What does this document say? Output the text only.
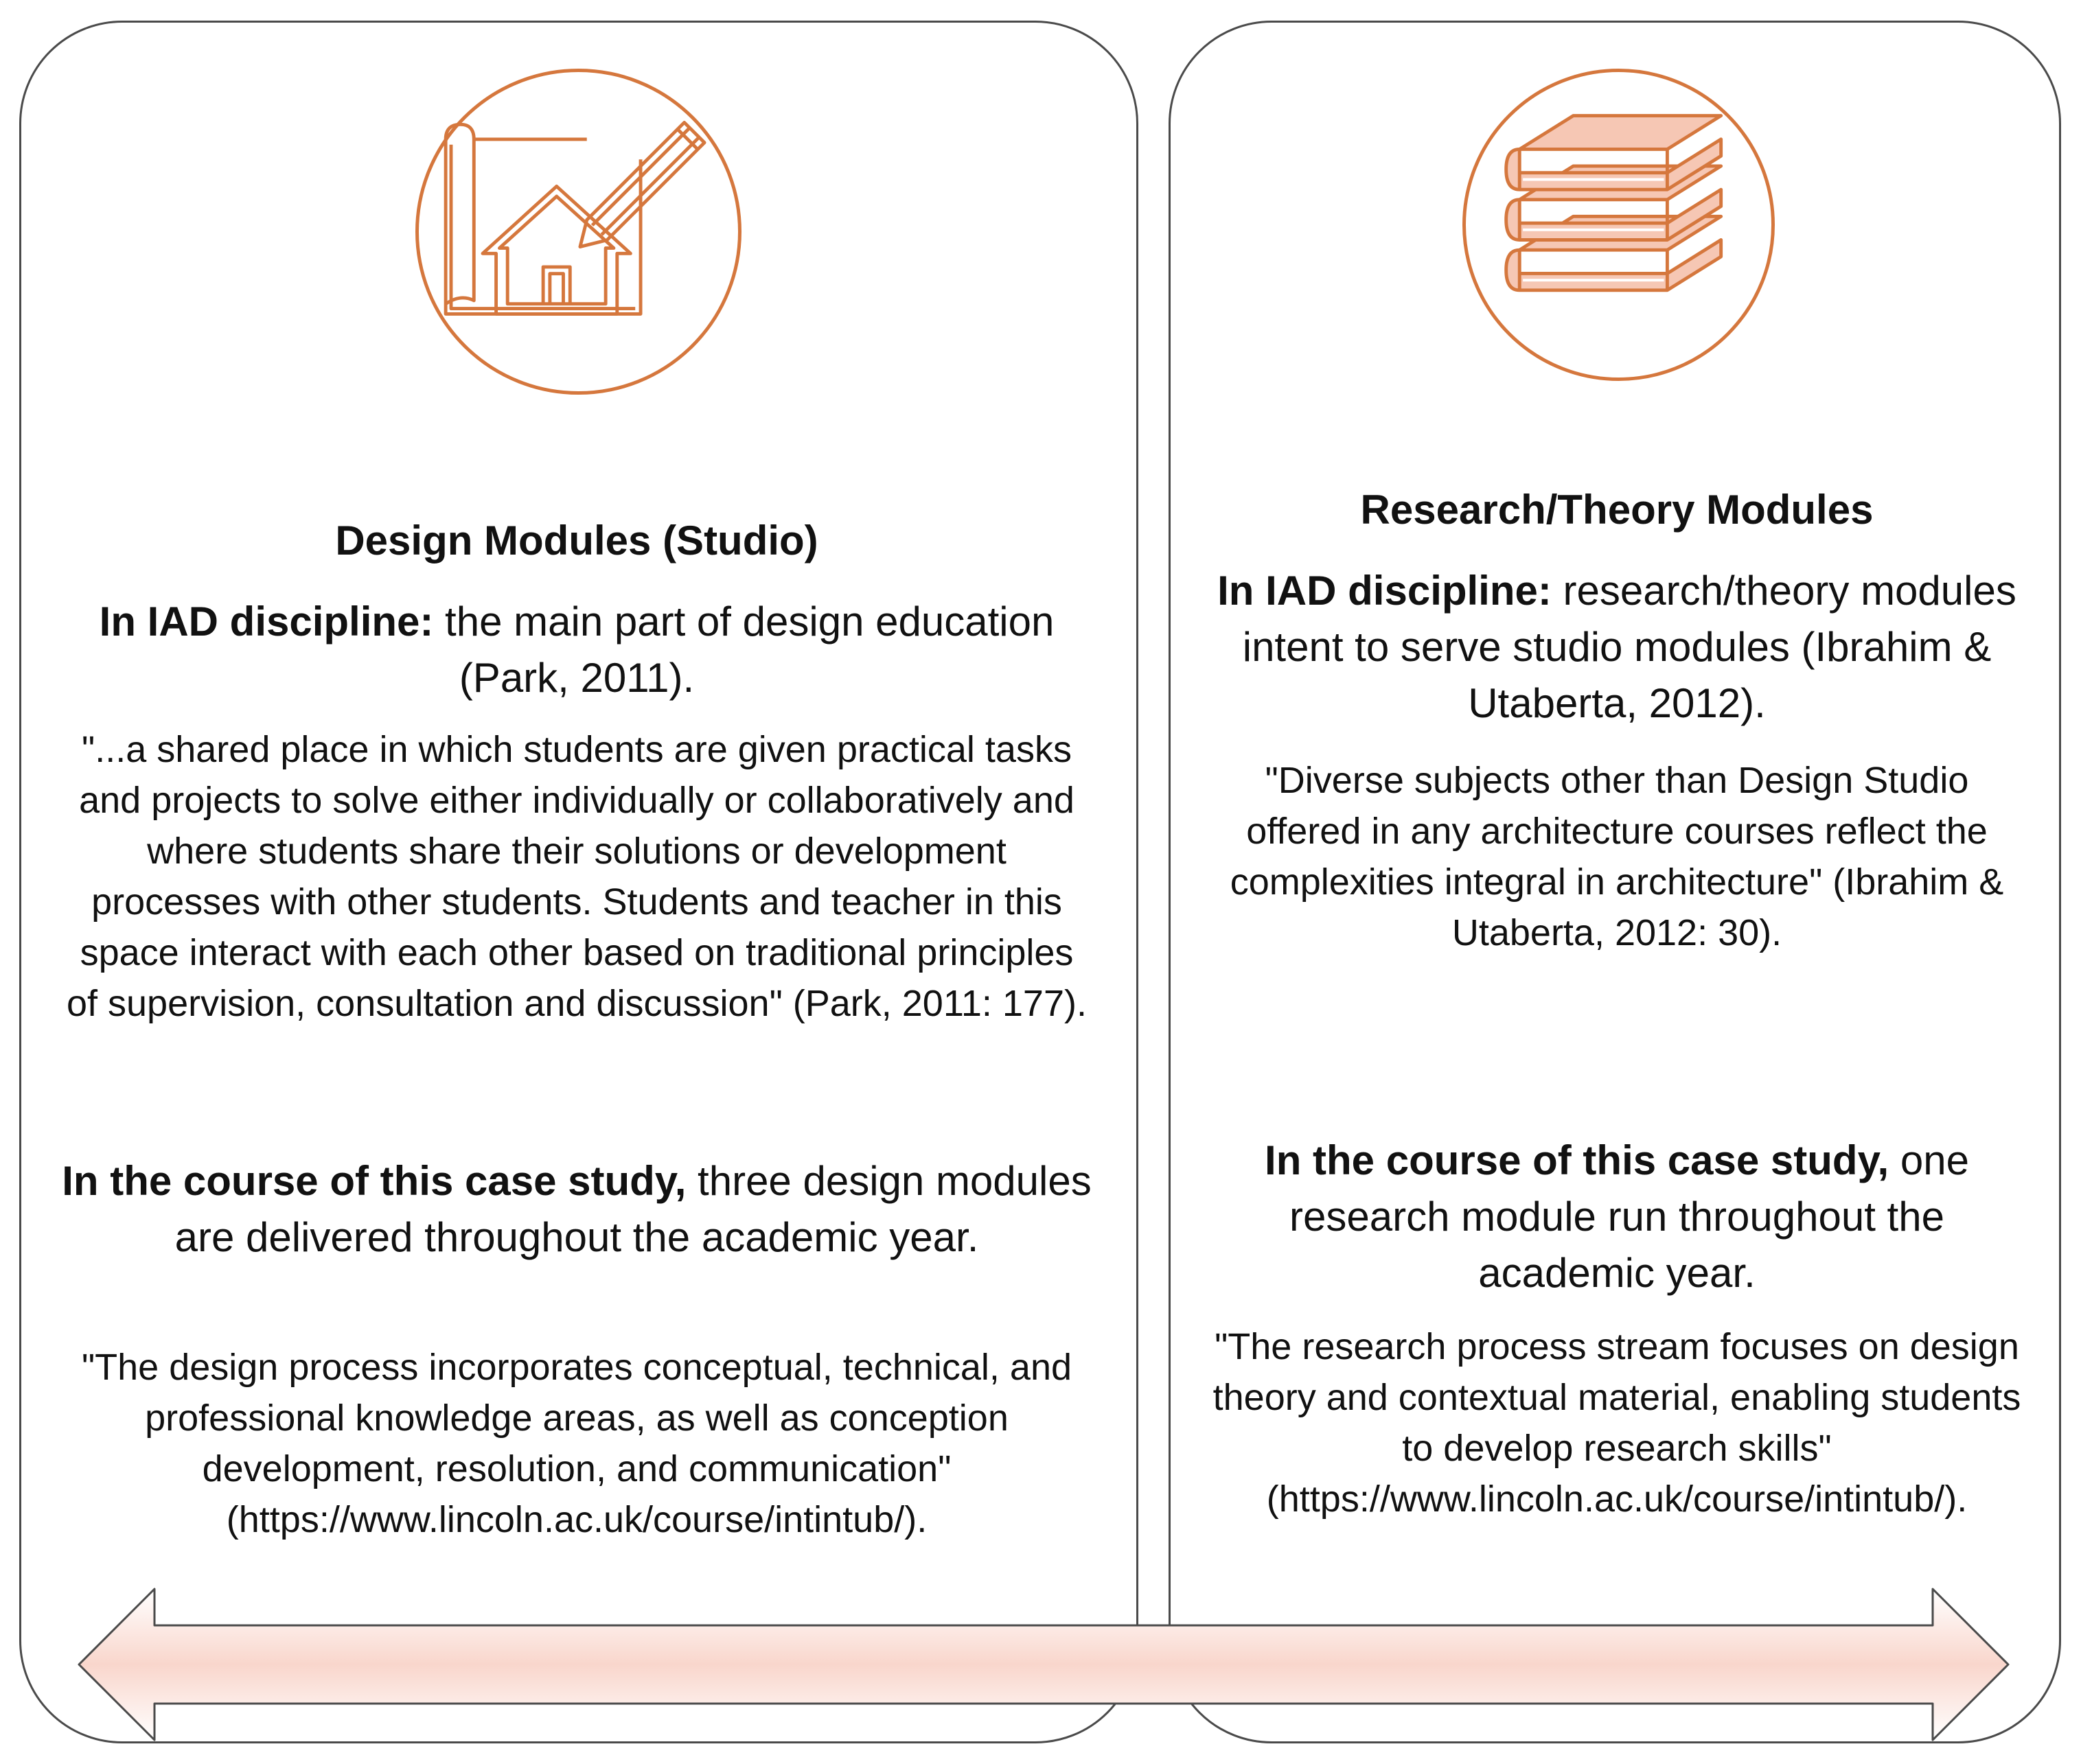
Design Modules (Studio)
In IAD discipline: the main part of design education (Park, 2011).
"...a shared place in which students are given practical tasks and projects to solve either individually or collaboratively and where students share their solutions or development processes with other students. Students and teacher in this space interact with each other based on traditional principles of supervision, consultation and discussion" (Park, 2011: 177).
In the course of this case study, three design modules are delivered throughout the academic year.
"The design process incorporates conceptual, technical, and professional knowledge areas, as well as conception development, resolution, and communication" (https://www.lincoln.ac.uk/course/intintub/).
Research/Theory Modules
In IAD discipline: research/theory modules intent to serve studio modules (Ibrahim & Utaberta, 2012).
"Diverse subjects other than Design Studio offered in any architecture courses reflect the complexities integral in architecture" (Ibrahim & Utaberta, 2012: 30).
In the course of this case study, one research module run throughout the academic year.
"The research process stream focuses on design theory and contextual material, enabling students to develop research skills" (https://www.lincoln.ac.uk/course/intintub/).
